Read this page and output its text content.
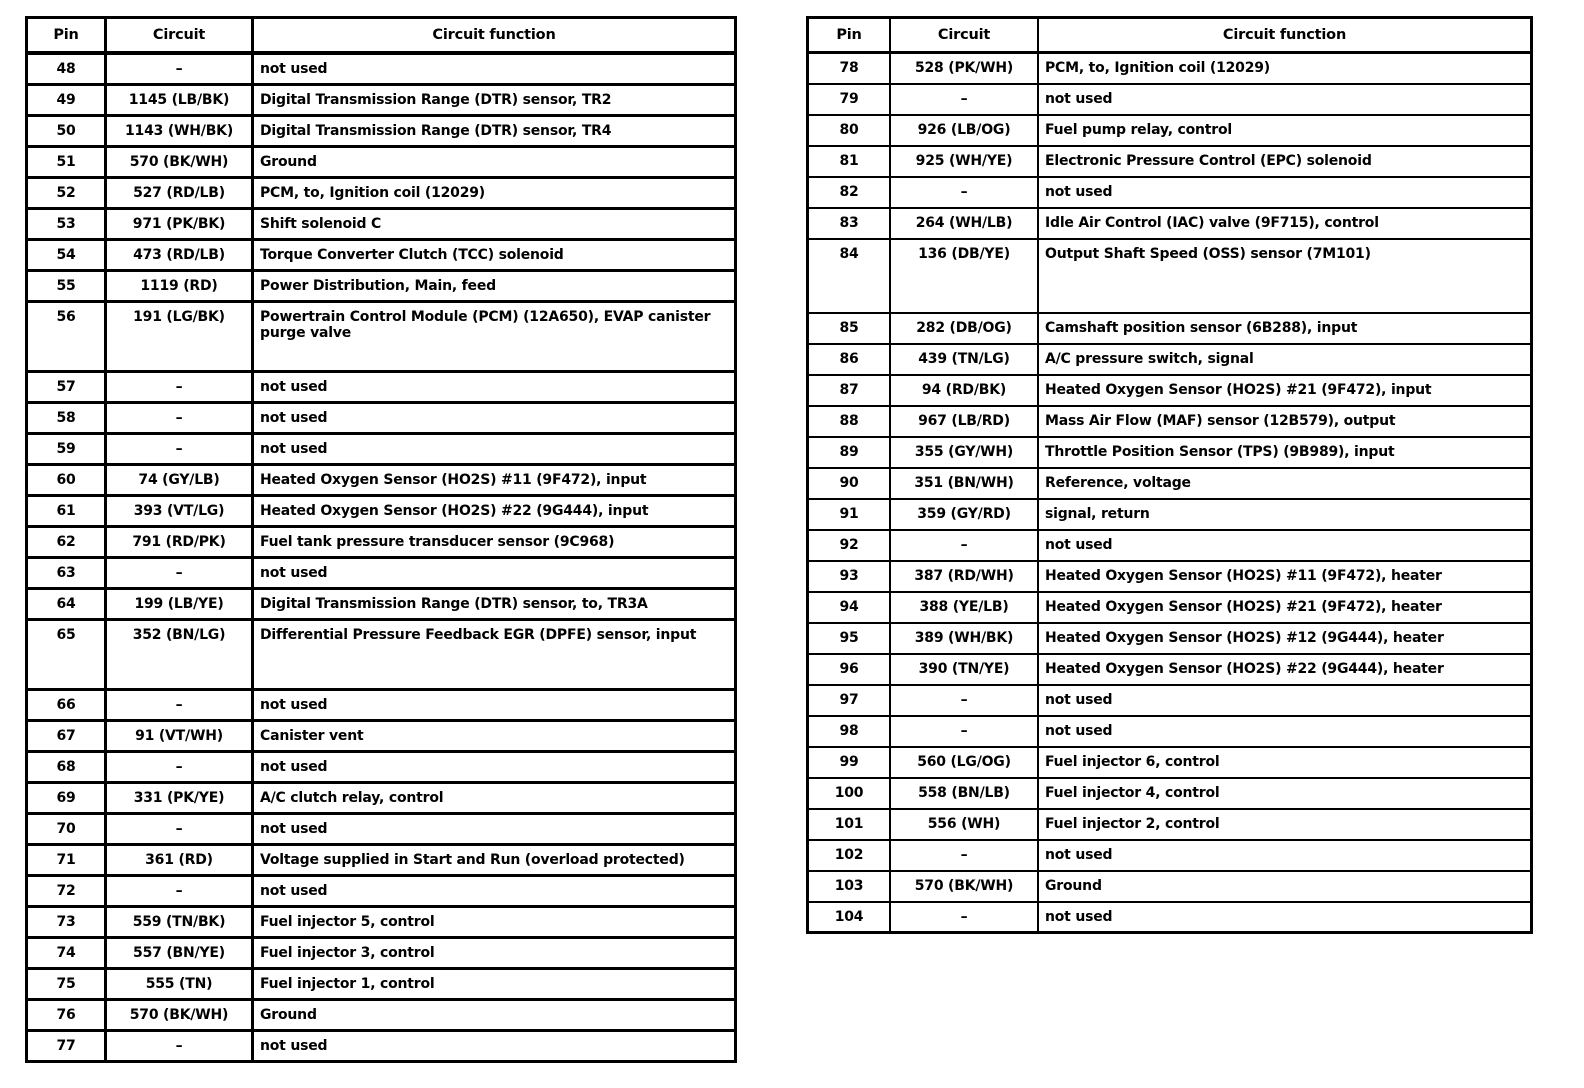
Pin	Circuit	Circuit function
48	–	not used
49	1145 (LB/BK)	Digital Transmission Range (DTR) sensor, TR2
50	1143 (WH/BK)	Digital Transmission Range (DTR) sensor, TR4
51	570 (BK/WH)	Ground
52	527 (RD/LB)	PCM, to, Ignition coil (12029)
53	971 (PK/BK)	Shift solenoid C
54	473 (RD/LB)	Torque Converter Clutch (TCC) solenoid
55	1119 (RD)	Power Distribution, Main, feed
56	191 (LG/BK)	Powertrain Control Module (PCM) (12A650), EVAP canister purge valve
57	–	not used
58	–	not used
59	–	not used
60	74 (GY/LB)	Heated Oxygen Sensor (HO2S) #11 (9F472), input
61	393 (VT/LG)	Heated Oxygen Sensor (HO2S) #22 (9G444), input
62	791 (RD/PK)	Fuel tank pressure transducer sensor (9C968)
63	–	not used
64	199 (LB/YE)	Digital Transmission Range (DTR) sensor, to, TR3A
65	352 (BN/LG)	Differential Pressure Feedback EGR (DPFE) sensor, input
66	–	not used
67	91 (VT/WH)	Canister vent
68	–	not used
69	331 (PK/YE)	A/C clutch relay, control
70	–	not used
71	361 (RD)	Voltage supplied in Start and Run (overload protected)
72	–	not used
73	559 (TN/BK)	Fuel injector 5, control
74	557 (BN/YE)	Fuel injector 3, control
75	555 (TN)	Fuel injector 1, control
76	570 (BK/WH)	Ground
77	–	not used
Pin	Circuit	Circuit function
78	528 (PK/WH)	PCM, to, Ignition coil (12029)
79	–	not used
80	926 (LB/OG)	Fuel pump relay, control
81	925 (WH/YE)	Electronic Pressure Control (EPC) solenoid
82	–	not used
83	264 (WH/LB)	Idle Air Control (IAC) valve (9F715), control
84	136 (DB/YE)	Output Shaft Speed (OSS) sensor (7M101)
85	282 (DB/OG)	Camshaft position sensor (6B288), input
86	439 (TN/LG)	A/C pressure switch, signal
87	94 (RD/BK)	Heated Oxygen Sensor (HO2S) #21 (9F472), input
88	967 (LB/RD)	Mass Air Flow (MAF) sensor (12B579), output
89	355 (GY/WH)	Throttle Position Sensor (TPS) (9B989), input
90	351 (BN/WH)	Reference, voltage
91	359 (GY/RD)	signal, return
92	–	not used
93	387 (RD/WH)	Heated Oxygen Sensor (HO2S) #11 (9F472), heater
94	388 (YE/LB)	Heated Oxygen Sensor (HO2S) #21 (9F472), heater
95	389 (WH/BK)	Heated Oxygen Sensor (HO2S) #12 (9G444), heater
96	390 (TN/YE)	Heated Oxygen Sensor (HO2S) #22 (9G444), heater
97	–	not used
98	–	not used
99	560 (LG/OG)	Fuel injector 6, control
100	558 (BN/LB)	Fuel injector 4, control
101	556 (WH)	Fuel injector 2, control
102	–	not used
103	570 (BK/WH)	Ground
104	–	not used
